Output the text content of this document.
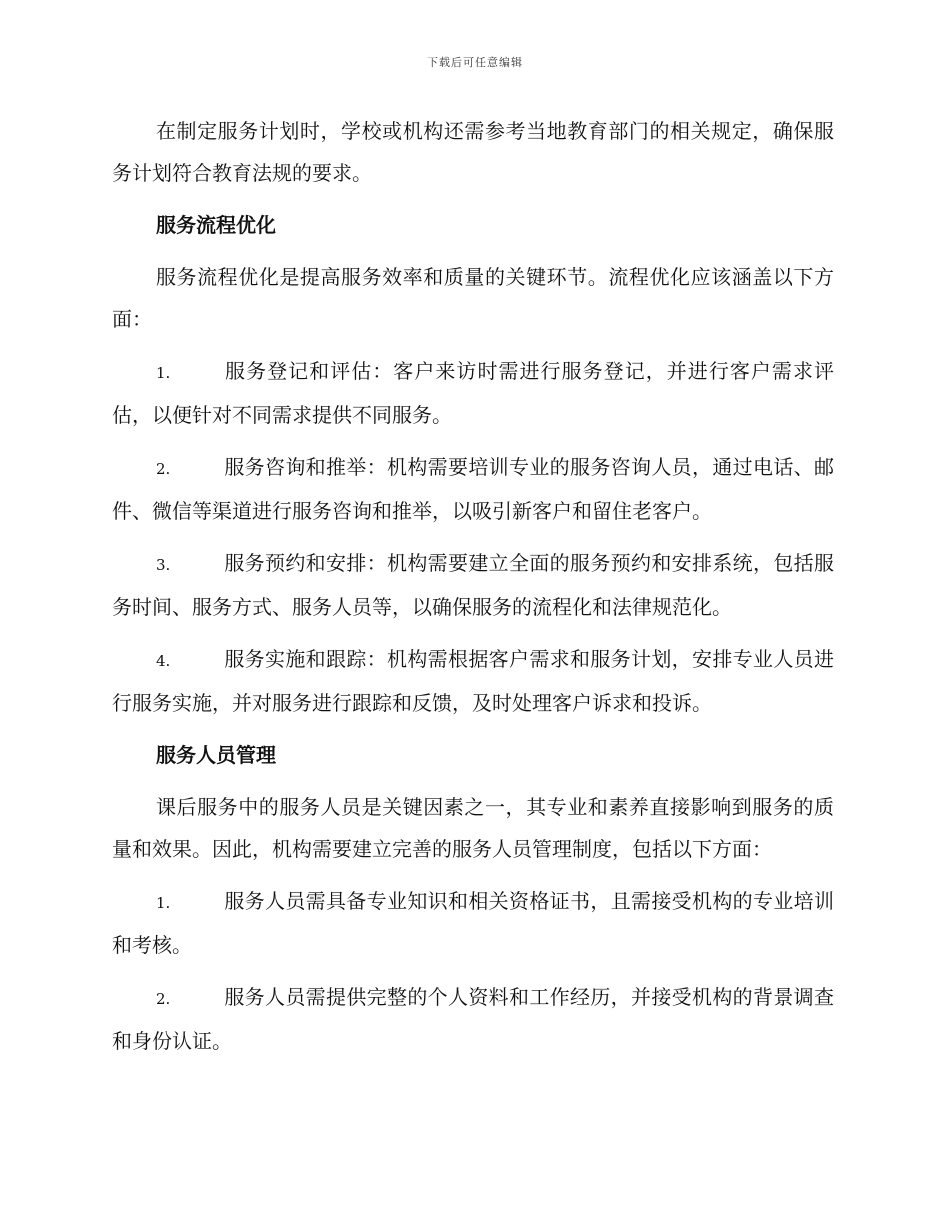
下载后可任意编辑

在制定服务计划时，学校或机构还需参考当地教育部门的相关规定，确保服务计划符合教育法规的要求。

服务流程优化

服务流程优化是提高服务效率和质量的关键环节。流程优化应该涵盖以下方面：

1.	服务登记和评估：客户来访时需进行服务登记，并进行客户需求评估，以便针对不同需求提供不同服务。

2.	服务咨询和推举：机构需要培训专业的服务咨询人员，通过电话、邮件、微信等渠道进行服务咨询和推举，以吸引新客户和留住老客户。

3.	服务预约和安排：机构需要建立全面的服务预约和安排系统，包括服务时间、服务方式、服务人员等，以确保服务的流程化和法律规范化。

4.	服务实施和跟踪：机构需根据客户需求和服务计划，安排专业人员进行服务实施，并对服务进行跟踪和反馈，及时处理客户诉求和投诉。

服务人员管理

课后服务中的服务人员是关键因素之一，其专业和素养直接影响到服务的质量和效果。因此，机构需要建立完善的服务人员管理制度，包括以下方面：

1.	服务人员需具备专业知识和相关资格证书，且需接受机构的专业培训和考核。

2.	服务人员需提供完整的个人资料和工作经历，并接受机构的背景调查和身份认证。
